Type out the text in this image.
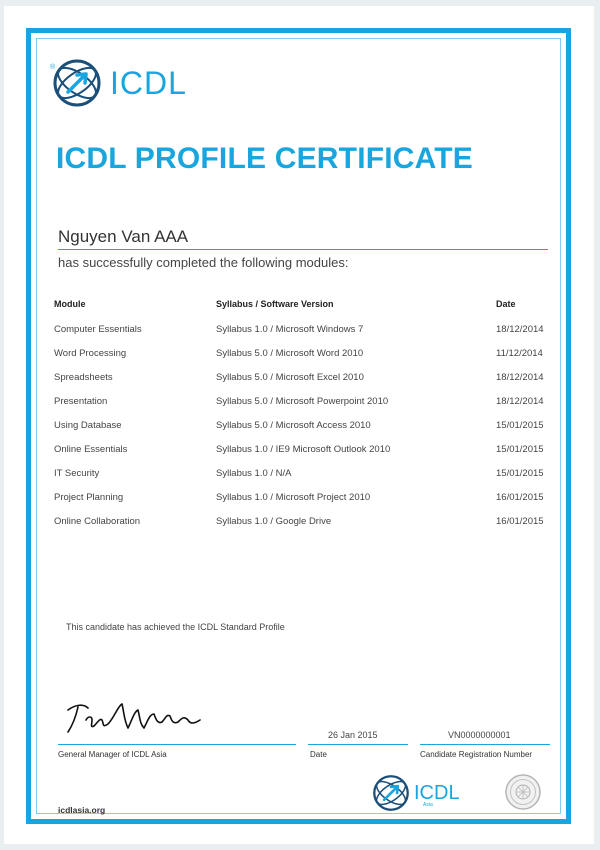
® ICDL
ICDL PROFILE CERTIFICATE
Nguyen Van AAA
has successfully completed the following modules:
Module	Syllabus / Software Version	Date
Computer Essentials	Syllabus 1.0 / Microsoft Windows 7	18/12/2014
Word Processing	Syllabus 5.0 / Microsoft Word 2010	11/12/2014
Spreadsheets	Syllabus 5.0 / Microsoft Excel 2010	18/12/2014
Presentation	Syllabus 5.0 / Microsoft Powerpoint 2010	18/12/2014
Using Database	Syllabus 5.0 / Microsoft Access 2010	15/01/2015
Online Essentials	Syllabus 1.0 / IE9 Microsoft Outlook 2010	15/01/2015
IT Security	Syllabus 1.0 / N/A	15/01/2015
Project Planning	Syllabus 1.0 / Microsoft Project 2010	16/01/2015
Online Collaboration	Syllabus 1.0 / Google Drive	16/01/2015
This candidate has achieved the ICDL Standard Profile
General Manager of ICDL Asia
26 Jan 2015
Date
VN0000000001
Candidate Registration Number
icdlasia.org
ICDL
Asia
